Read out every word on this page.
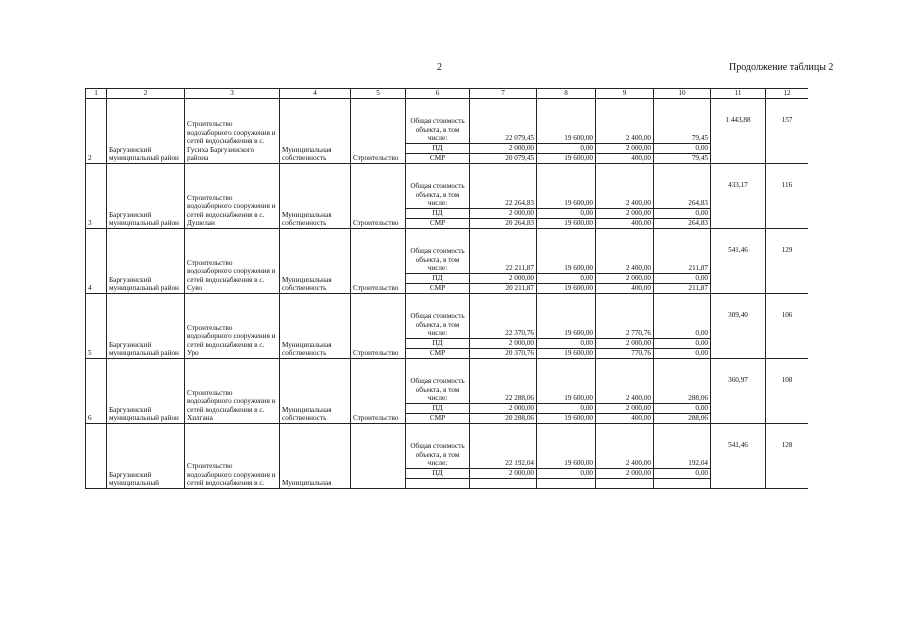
2	Продолжение таблицы 2
1	2	3	4	5	6	7	8	9	10	11	12
2	Баргузинский муниципальный район	Строительство водозаборного сооружения и сетей водоснабжения в с. Гусиха Баргузинского района	Муниципальная собственность	Строительство	Общая стоимость объекта, в том числе:	22 079,45	19 600,00	2 400,00	79,45	1 443,88	157
					ПД	2 000,00	0,00	2 000,00	0,00		
					СМР	20 079,45	19 600,00	400,00	79,45		
3	Баргузинский муниципальный район	Строительство водозаборного сооружения и сетей водоснабжения в с. Душелан	Муниципальная собственность	Строительство	Общая стоимость объекта, в том числе:	22 264,83	19 600,00	2 400,00	264,83	433,17	116
					ПД	2 000,00	0,00	2 000,00	0,00		
					СМР	20 264,83	19 600,00	400,00	264,83		
4	Баргузинский муниципальный район	Строительство водозаборного сооружения и сетей водоснабжения в с. Суво	Муниципальная собственность	Строительство	Общая стоимость объекта, в том числе:	22 211,87	19 600,00	2 400,00	211,87	541,46	129
					ПД	2 000,00	0,00	2 000,00	0,00		
					СМР	20 211,87	19 600,00	400,00	211,87		
5	Баргузинский муниципальный район	Строительство водозаборного сооружения и сетей водоснабжения в с. Уро	Муниципальная собственность	Строительство	Общая стоимость объекта, в том числе:	22 370,76	19 600,00	2 770,76	0,00	309,40	106
					ПД	2 000,00	0,00	2 000,00	0,00		
					СМР	20 370,76	19 600,00	770,76	0,00		
6	Баргузинский муниципальный район	Строительство водозаборного сооружения и сетей водоснабжения в с. Хилгана	Муниципальная собственность	Строительство	Общая стоимость объекта, в том числе:	22 288,06	19 600,00	2 400,00	288,06	360,97	108
					ПД	2 000,00	0,00	2 000,00	0,00		
					СМР	20 288,06	19 600,00	400,00	288,06		
	Баргузинский муниципальный	Строительство водозаборного сооружения и сетей водоснабжения в с.	Муниципальная		Общая стоимость объекта, в том числе:	22 192,04	19 600,00	2 400,00	192,04	541,46	128
					ПД	2 000,00	0,00	2 000,00	0,00		
